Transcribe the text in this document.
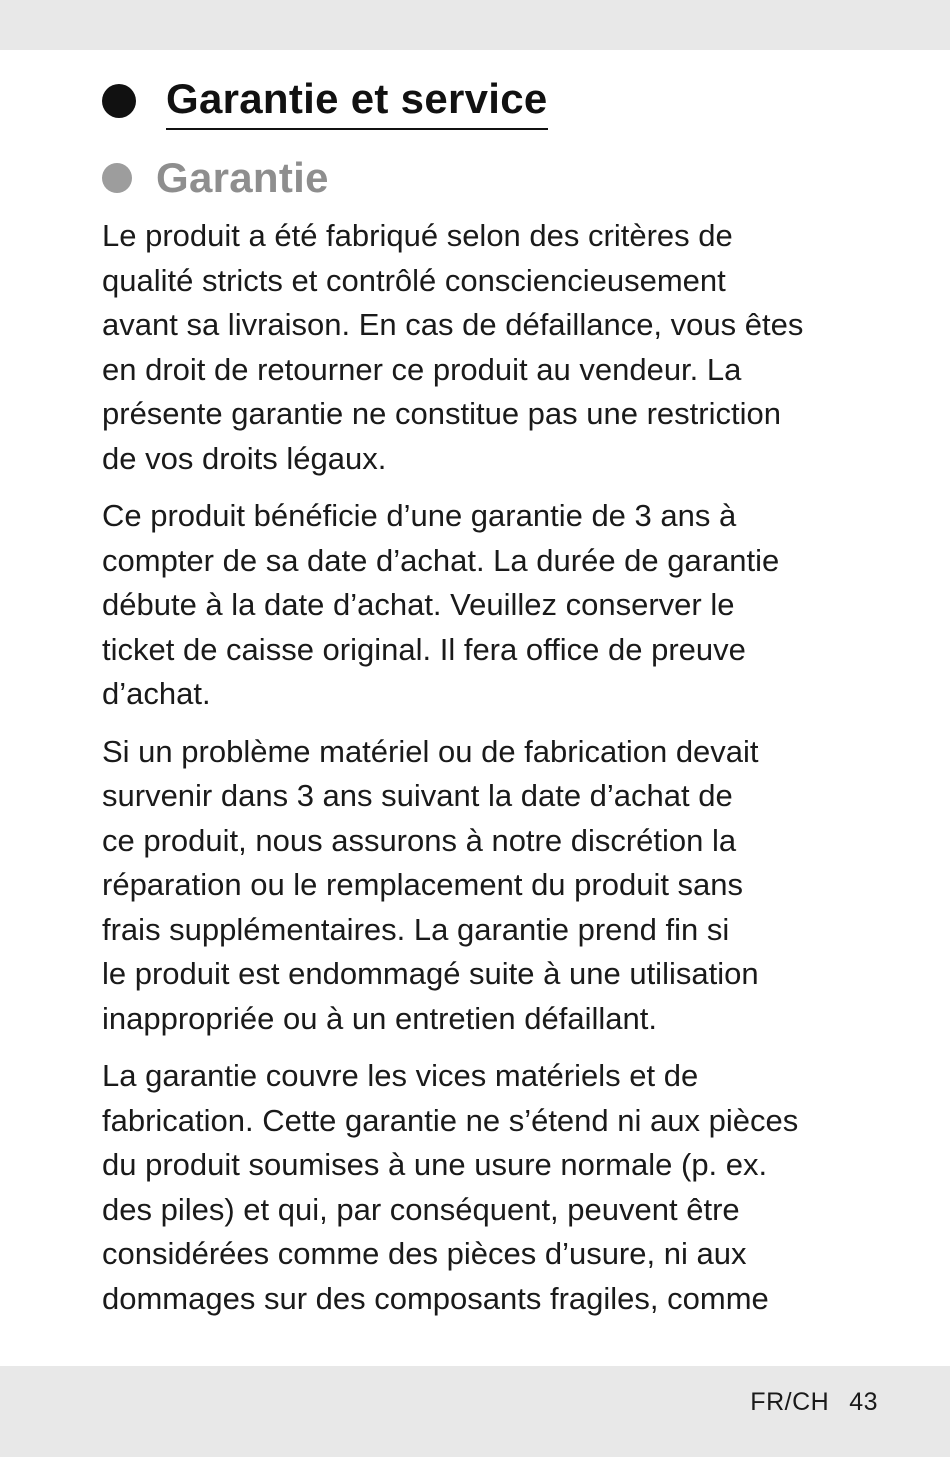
Garantie et service
Garantie

Le produit a été fabriqué selon des critères de
qualité stricts et contrôlé consciencieusement
avant sa livraison. En cas de défaillance, vous êtes
en droit de retourner ce produit au vendeur. La
présente garantie ne constitue pas une restriction
de vos droits légaux.

Ce produit bénéficie d’une garantie de 3 ans à
compter de sa date d’achat. La durée de garantie
débute à la date d’achat. Veuillez conserver le
ticket de caisse original. Il fera office de preuve
d’achat.

Si un problème matériel ou de fabrication devait
survenir dans 3 ans suivant la date d’achat de
ce produit, nous assurons à notre discrétion la
réparation ou le remplacement du produit sans
frais supplémentaires. La garantie prend fin si
le produit est endommagé suite à une utilisation
inappropriée ou à un entretien défaillant.

La garantie couvre les vices matériels et de
fabrication. Cette garantie ne s’étend ni aux pièces
du produit soumises à une usure normale (p. ex.
des piles) et qui, par conséquent, peuvent être
considérées comme des pièces d’usure, ni aux
dommages sur des composants fragiles, comme

FR/CH 43
